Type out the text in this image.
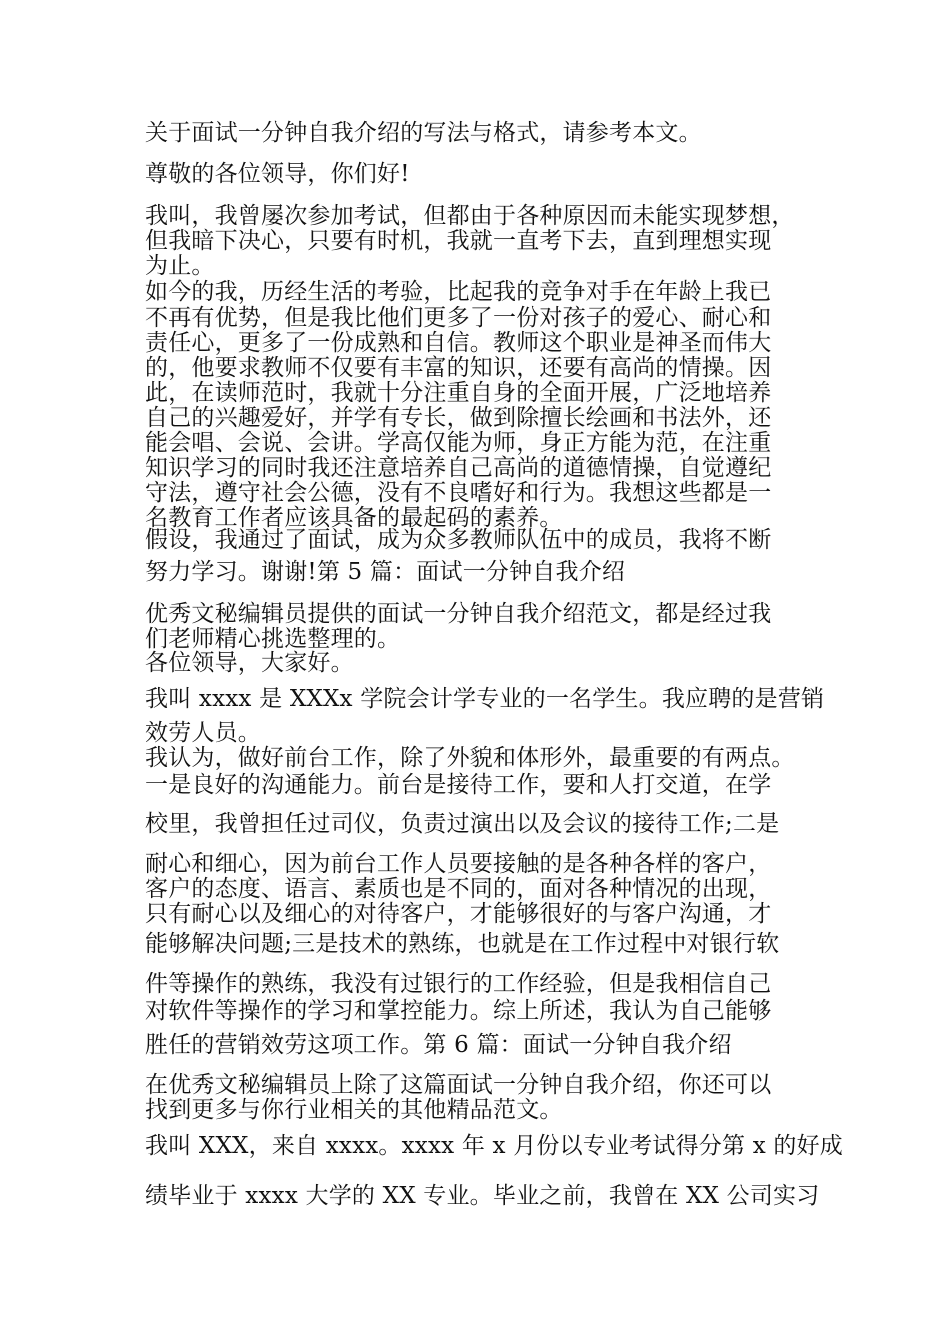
关于面试一分钟自我介绍的写法与格式，请参考本文。
尊敬的各位领导，你们好!
我叫，我曾屡次参加考试，但都由于各种原因而未能实现梦想，
但我暗下决心，只要有时机，我就一直考下去，直到理想实现
为止。
如今的我，历经生活的考验，比起我的竞争对手在年龄上我已
不再有优势，但是我比他们更多了一份对孩子的爱心、耐心和
责任心，更多了一份成熟和自信。教师这个职业是神圣而伟大
的，他要求教师不仅要有丰富的知识，还要有高尚的情操。因
此，在读师范时，我就十分注重自身的全面开展，广泛地培养
自己的兴趣爱好，并学有专长，做到除擅长绘画和书法外，还
能会唱、会说、会讲。学高仅能为师，身正方能为范，在注重
知识学习的同时我还注意培养自己高尚的道德情操，自觉遵纪
守法，遵守社会公德，没有不良嗜好和行为。我想这些都是一
名教育工作者应该具备的最起码的素养。
假设，我通过了面试，成为众多教师队伍中的成员，我将不断
努力学习。谢谢!第 5 篇：面试一分钟自我介绍
优秀文秘编辑员提供的面试一分钟自我介绍范文，都是经过我
们老师精心挑选整理的。
各位领导，大家好。
我叫 xxxx 是 XXXx 学院会计学专业的一名学生。我应聘的是营销
效劳人员。
我认为，做好前台工作，除了外貌和体形外，最重要的有两点。
一是良好的沟通能力。前台是接待工作，要和人打交道，在学
校里，我曾担任过司仪，负责过演出以及会议的接待工作;二是
耐心和细心，因为前台工作人员要接触的是各种各样的客户，
客户的态度、语言、素质也是不同的，面对各种情况的出现，
只有耐心以及细心的对待客户，才能够很好的与客户沟通，才
能够解决问题;三是技术的熟练，也就是在工作过程中对银行软
件等操作的熟练，我没有过银行的工作经验，但是我相信自己
对软件等操作的学习和掌控能力。综上所述，我认为自己能够
胜任的营销效劳这项工作。第 6 篇：面试一分钟自我介绍
在优秀文秘编辑员上除了这篇面试一分钟自我介绍，你还可以
找到更多与你行业相关的其他精品范文。
我叫 XXX，来自 xxxx。xxxx 年 x 月份以专业考试得分第 x 的好成
绩毕业于 xxxx 大学的 XX 专业。毕业之前，我曾在 XX 公司实习
